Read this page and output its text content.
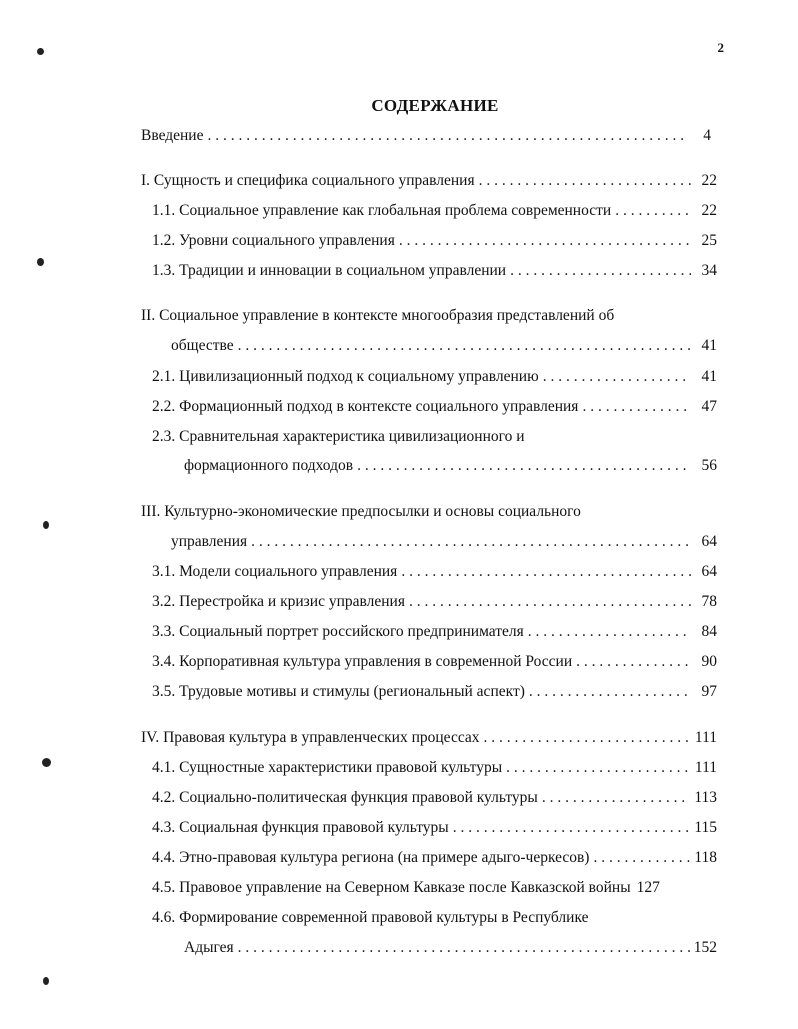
2
СОДЕРЖАНИЕ
Введение . . .	4
I. Сущность и специфика социального управления . . .	22
1.1. Социальное управление как глобальная проблема современности . . .	22
1.2. Уровни социального управления . . .	25
1.3. Традиции и инновации в социальном управлении . . .	34
II. Социальное управление в контексте многообразия представлений об
обществе . . .	41
2.1. Цивилизационный подход к социальному управлению . . .	41
2.2. Формационный подход в контексте социального управления . . .	47
2.3. Сравнительная характеристика цивилизационного и
формационного подходов . . .	56
III. Культурно-экономические предпосылки и основы социального
управления . . .	64
3.1. Модели социального управления . . .	64
3.2. Перестройка и кризис управления . . .	78
3.3. Социальный портрет российского предпринимателя . . .	84
3.4. Корпоративная культура управления в современной России . . .	90
3.5. Трудовые мотивы и стимулы (региональный аспект) . . .	97
IV. Правовая культура в управленческих процессах . . .	111
4.1. Сущностные характеристики правовой культуры . . .	111
4.2. Социально-политическая функция правовой культуры . . .	113
4.3. Социальная функция правовой культуры . . .	115
4.4. Этно-правовая культура региона (на примере адыго-черкесов) . . .	118
4.5. Правовое управление на Северном Кавказе после Кавказской войны 127
4.6. Формирование современной правовой культуры в Республике
Адыгея . . .	152
